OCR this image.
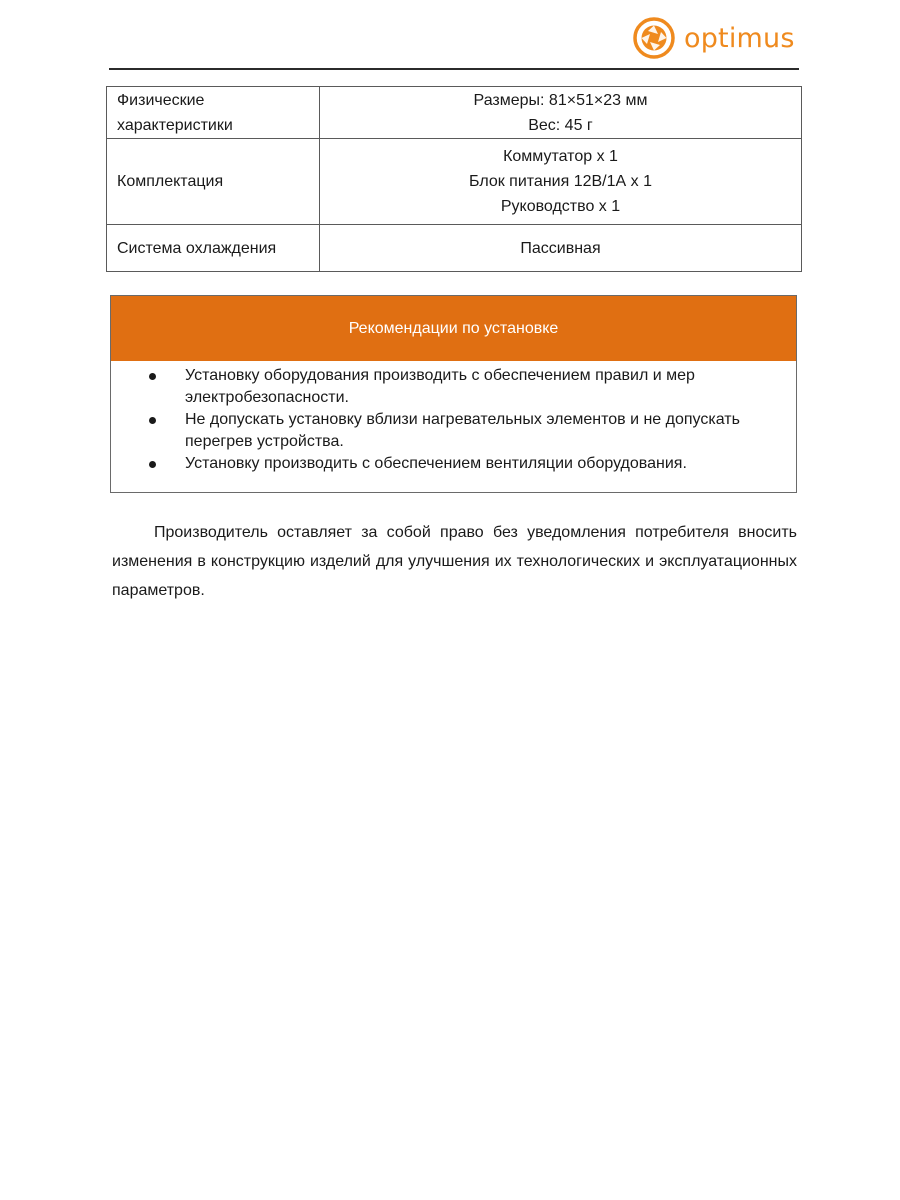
optimus
Физические характеристики	Размеры: 81×51×23 мм
Вес: 45 г

Комплектация	Коммутатор x 1
Блок питания 12В/1А x 1
Руководство x 1

Система охлаждения	Пассивная
Рекомендации по установке
Установку оборудования производить с обеспечением правил и мер электробезопасности.
Не допускать установку вблизи нагревательных элементов и не допускать перегрев устройства.
Установку производить с обеспечением вентиляции оборудования.

Производитель оставляет за собой право без уведомления потребителя вносить изменения в конструкцию изделий для улучшения их технологических и эксплуатационных параметров.
